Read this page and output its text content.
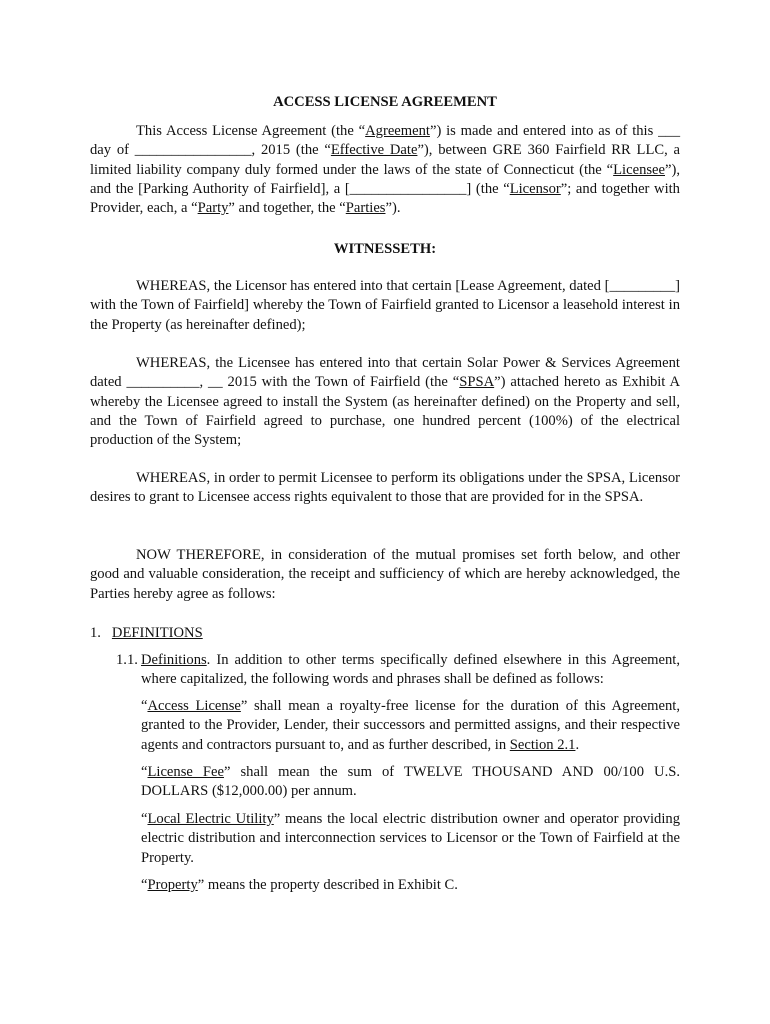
ACCESS LICENSE AGREEMENT

This Access License Agreement (the “Agreement”) is made and entered into as of this ___ day of ________________, 2015 (the “Effective Date”), between GRE 360 Fairfield RR LLC, a limited liability company duly formed under the laws of the state of Connecticut (the “Licensee”), and the [Parking Authority of Fairfield], a [________________] (the “Licensor”; and together with Provider, each, a “Party” and together, the “Parties”).

WITNESSETH:

WHEREAS, the Licensor has entered into that certain [Lease Agreement, dated [_________] with the Town of Fairfield] whereby the Town of Fairfield granted to Licensor a leasehold interest in the Property (as hereinafter defined);

WHEREAS, the Licensee has entered into that certain Solar Power & Services Agreement dated __________, __ 2015 with the Town of Fairfield (the “SPSA”) attached hereto as Exhibit A whereby the Licensee agreed to install the System (as hereinafter defined) on the Property and sell, and the Town of Fairfield agreed to purchase, one hundred percent (100%) of the electrical production of the System;

WHEREAS, in order to permit Licensee to perform its obligations under the SPSA, Licensor desires to grant to Licensee access rights equivalent to those that are provided for in the SPSA.

NOW THEREFORE, in consideration of the mutual promises set forth below, and other good and valuable consideration, the receipt and sufficiency of which are hereby acknowledged, the Parties hereby agree as follows:

1. DEFINITIONS

1.1. Definitions. In addition to other terms specifically defined elsewhere in this Agreement, where capitalized, the following words and phrases shall be defined as follows:

“Access License” shall mean a royalty-free license for the duration of this Agreement, granted to the Provider, Lender, their successors and permitted assigns, and their respective agents and contractors pursuant to, and as further described, in Section 2.1.

“License Fee” shall mean the sum of TWELVE THOUSAND AND 00/100 U.S. DOLLARS ($12,000.00) per annum.

“Local Electric Utility” means the local electric distribution owner and operator providing electric distribution and interconnection services to Licensor or the Town of Fairfield at the Property.

“Property” means the property described in Exhibit C.
